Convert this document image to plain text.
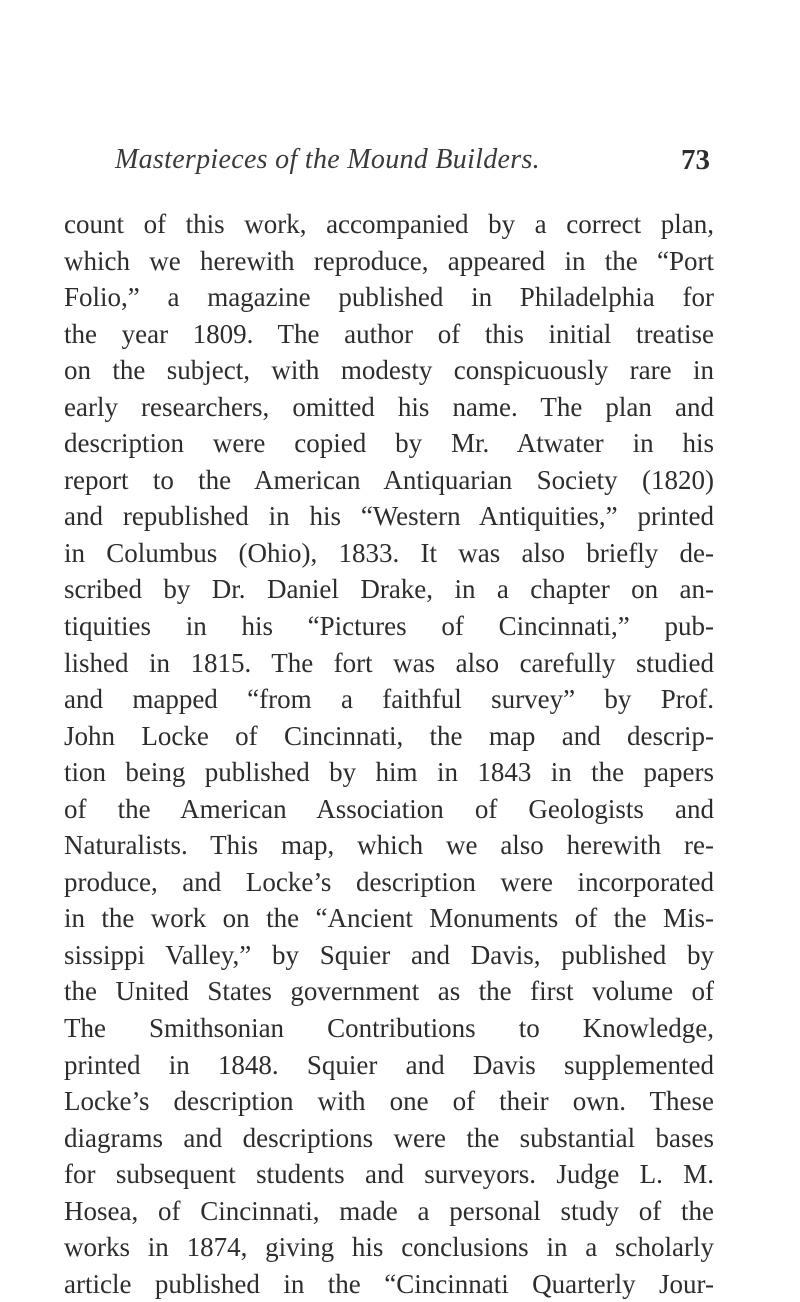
Masterpieces of the Mound Builders.	73
count of this work, accompanied by a correct plan,
which we herewith reproduce, appeared in the “Port
Folio,” a magazine published in Philadelphia for
the year 1809. The author of this initial treatise
on the subject, with modesty conspicuously rare in
early researchers, omitted his name. The plan and
description were copied by Mr. Atwater in his
report to the American Antiquarian Society (1820)
and republished in his “Western Antiquities,” printed
in Columbus (Ohio), 1833. It was also briefly de-
scribed by Dr. Daniel Drake, in a chapter on an-
tiquities in his “Pictures of Cincinnati,” pub-
lished in 1815. The fort was also carefully studied
and mapped “from a faithful survey” by Prof.
John Locke of Cincinnati, the map and descrip-
tion being published by him in 1843 in the papers
of the American Association of Geologists and
Naturalists. This map, which we also herewith re-
produce, and Locke’s description were incorporated
in the work on the “Ancient Monuments of the Mis-
sissippi Valley,” by Squier and Davis, published by
the United States government as the first volume of
The Smithsonian Contributions to Knowledge,
printed in 1848. Squier and Davis supplemented
Locke’s description with one of their own. These
diagrams and descriptions were the substantial bases
for subsequent students and surveyors. Judge L. M.
Hosea, of Cincinnati, made a personal study of the
works in 1874, giving his conclusions in a scholarly
article published in the “Cincinnati Quarterly Jour-
